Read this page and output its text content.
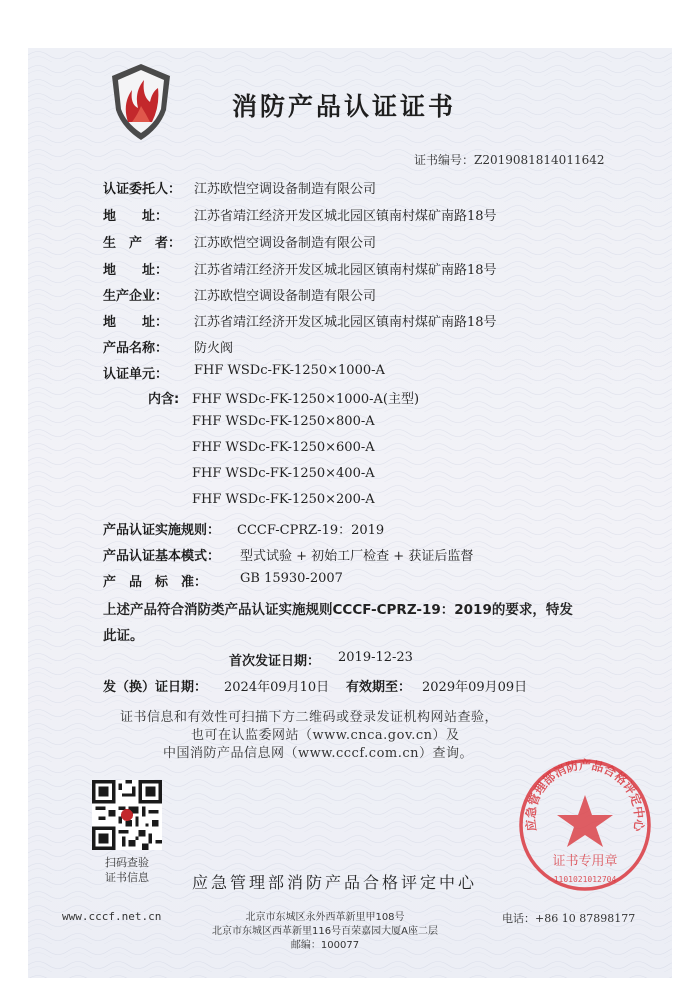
消防产品认证证书
证书编号：Z2019081814011642
认证委托人： 江苏欧恺空调设备制造有限公司
地　　址： 江苏省靖江经济开发区城北园区镇南村煤矿南路18号
生　产　者： 江苏欧恺空调设备制造有限公司
地　　址： 江苏省靖江经济开发区城北园区镇南村煤矿南路18号
生产企业： 江苏欧恺空调设备制造有限公司
地　　址： 江苏省靖江经济开发区城北园区镇南村煤矿南路18号
产品名称： 防火阀
认证单元： FHF WSDc-FK-1250×1000-A
内含: FHF WSDc-FK-1250×1000-A(主型)
FHF WSDc-FK-1250×800-A
FHF WSDc-FK-1250×600-A
FHF WSDc-FK-1250×400-A
FHF WSDc-FK-1250×200-A
产品认证实施规则： CCCF-CPRZ-19：2019
产品认证基本模式： 型式试验 + 初始工厂检查 + 获证后监督
产　品　标　准：	GB 15930-2007
上述产品符合消防类产品认证实施规则CCCF-CPRZ-19：2019的要求，特发
此证。
首次发证日期： 2019-12-23
发（换）证日期： 2024年09月10日 有效期至： 2029年09月09日
证书信息和有效性可扫描下方二维码或登录发证机构网站查验，
也可在认监委网站（www.cnca.gov.cn）及
中国消防产品信息网（www.cccf.com.cn）查询。
扫码查验
证书信息	应急管理部消防产品合格评定中心
应急管理部消防产品合格评定中心
证书专用章
1101021012704
www.cccf.net.cn	北京市东城区永外西革新里甲108号
北京市东城区西革新里116号百荣嘉园大厦A座二层
邮编：100077
电话：+86 10 87898177
